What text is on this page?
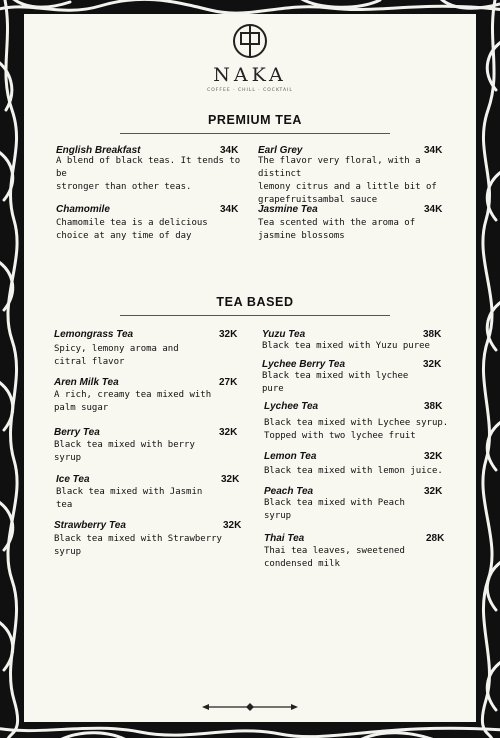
NAKA
COFFEE · CHILL · COCKTAIL
PREMIUM TEA
English Breakfast	34K
A blend of black teas. It tends to be
stronger than other teas.
Earl Grey	34K
The flavor very floral, with a distinct
lemony citrus and a little bit of
grapefruitsambal sauce
Chamomile	34K
Chamomile tea is a delicious
choice at any time of day
Jasmine Tea	34K
Tea scented with the aroma of
jasmine blossoms
TEA BASED
Lemongrass Tea	32K
Spicy, lemony aroma and
citral flavor
Aren Milk Tea	27K
A rich, creamy tea mixed with
palm sugar
Berry Tea	32K
Black tea mixed with berry
syrup
Ice Tea	32K
Black tea mixed with Jasmin
tea
Strawberry Tea	32K
Black tea mixed with Strawberry
syrup
Yuzu Tea	38K
Black tea mixed with Yuzu puree
Lychee Berry Tea	32K
Black tea mixed with lychee
pure
Lychee Tea	38K
Black tea mixed with Lychee syrup.
Topped with two lychee fruit
Lemon Tea	32K
Black tea mixed with lemon juice.
Peach Tea	32K
Black tea mixed with Peach
syrup
Thai Tea	28K
Thai tea leaves, sweetened
condensed milk
